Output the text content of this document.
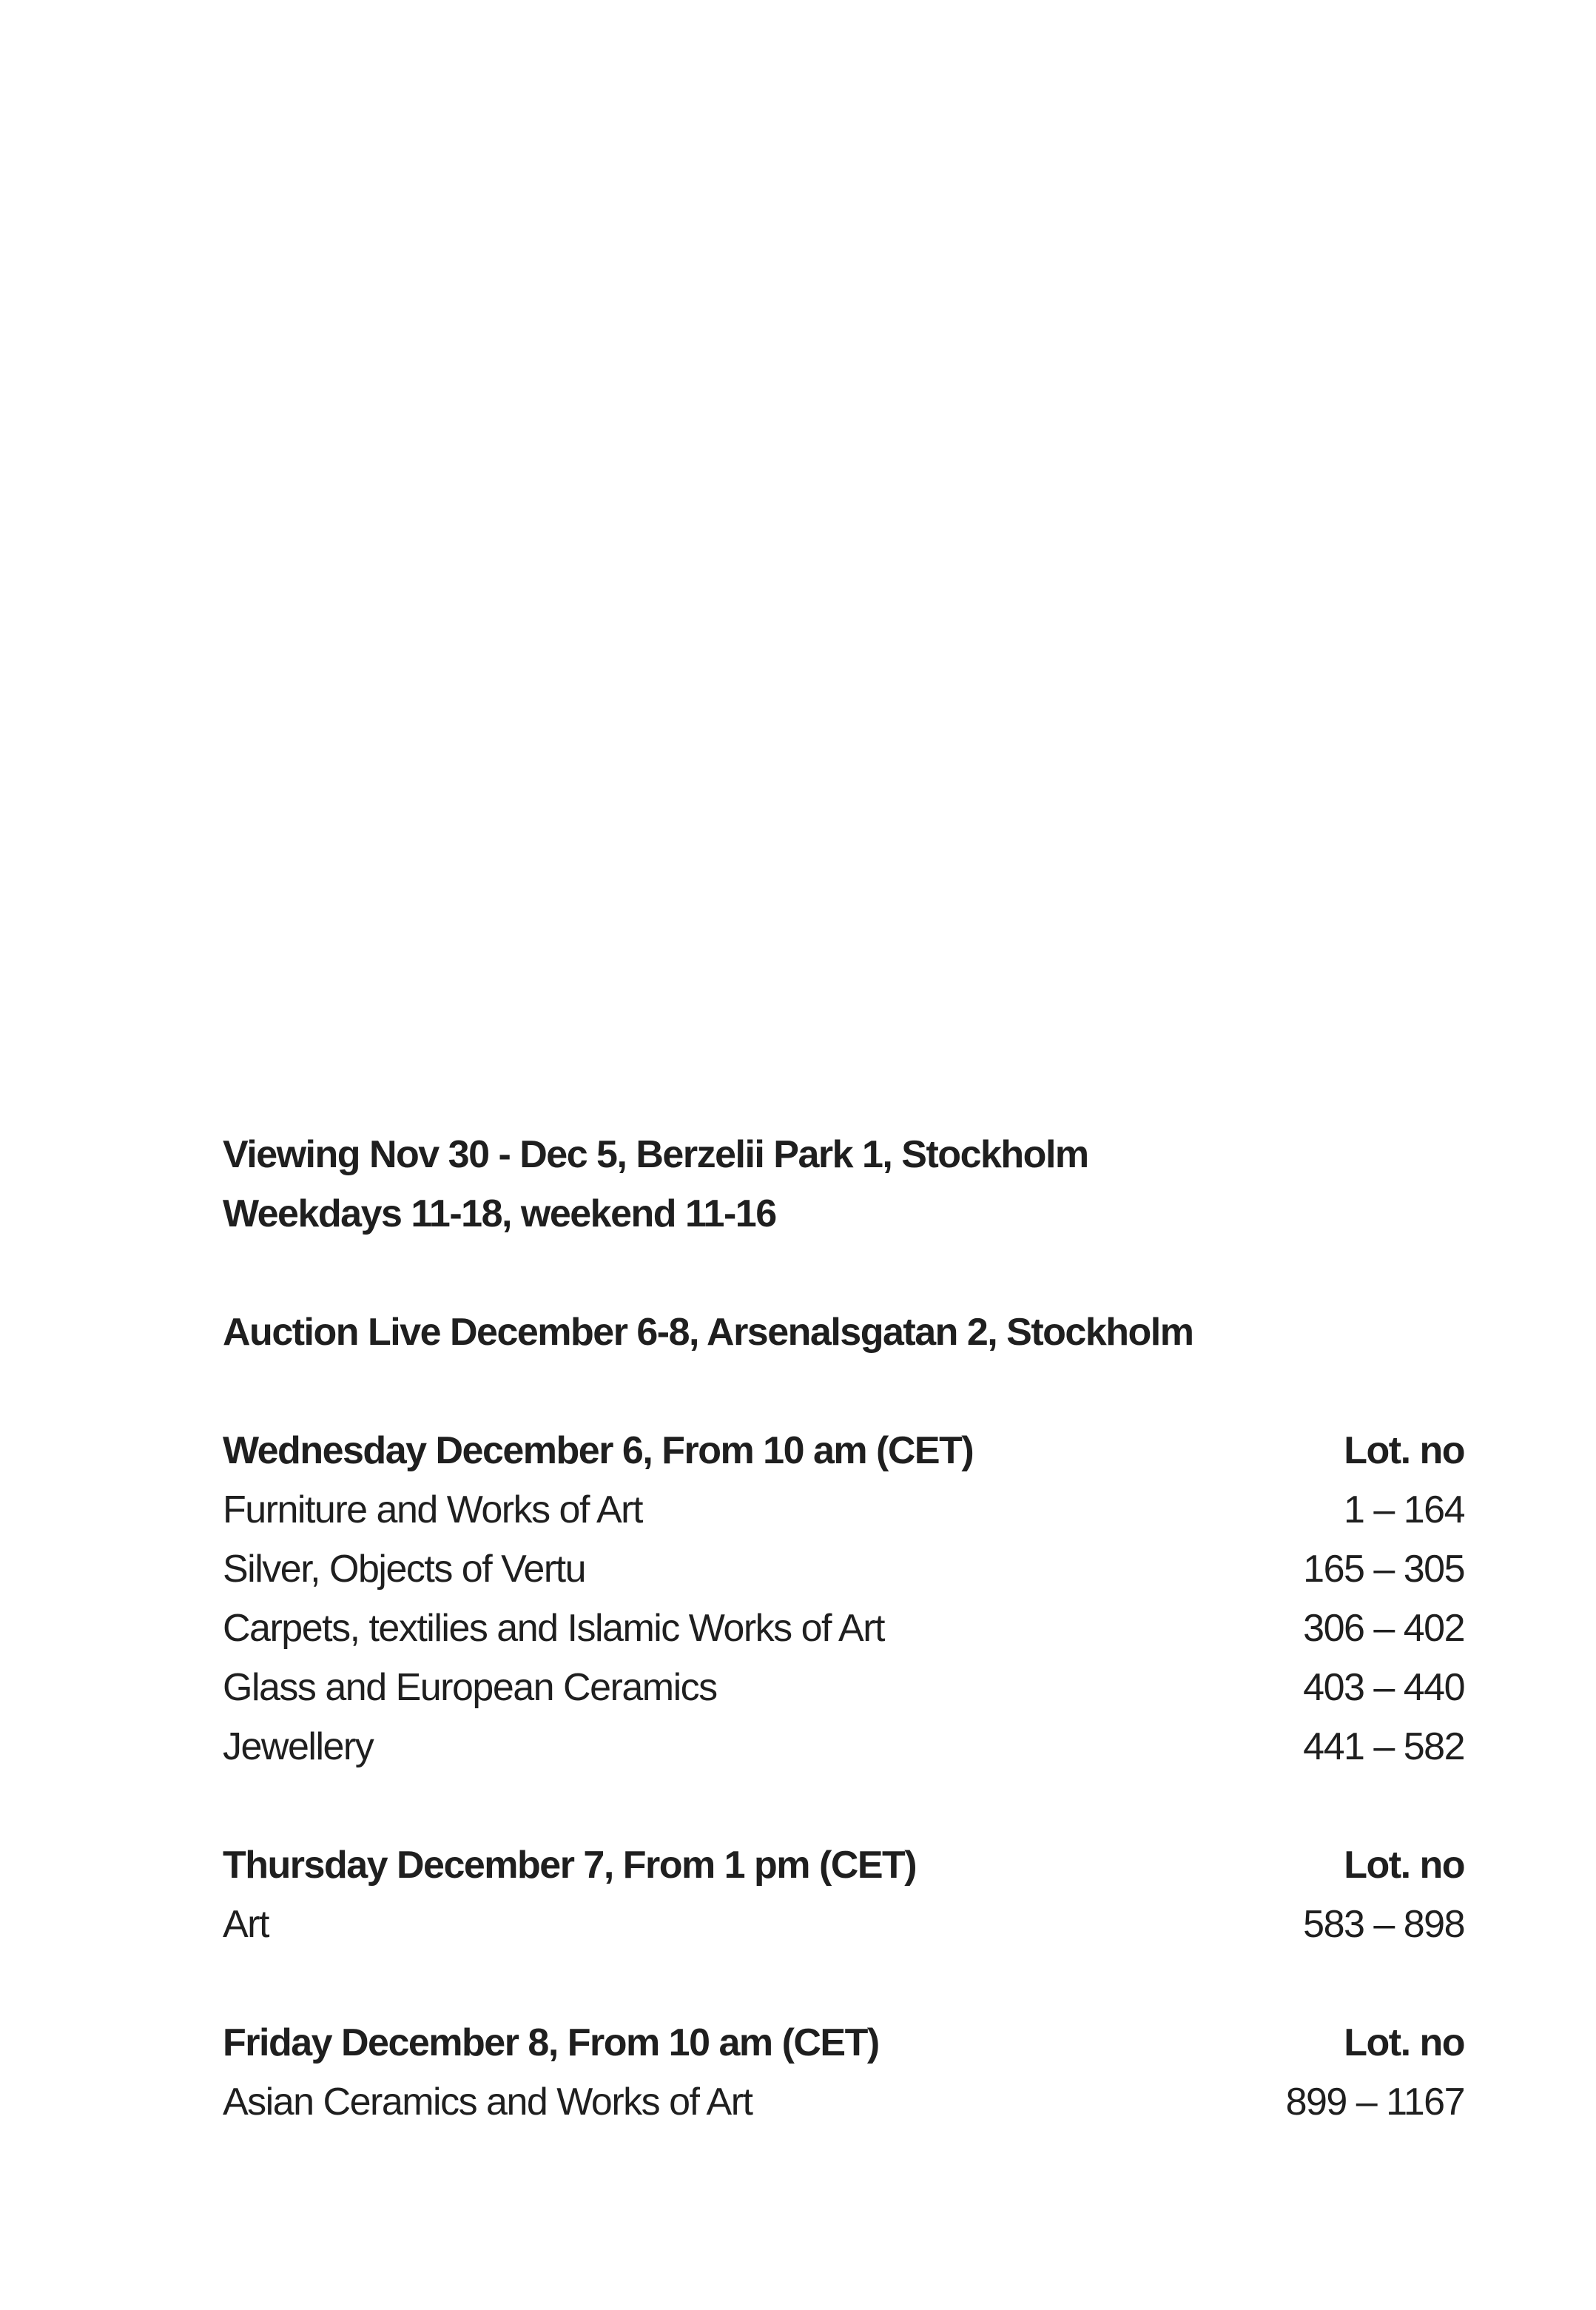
Viewing Nov 30 - Dec 5, Berzelii Park 1, Stockholm
Weekdays 11-18, weekend 11-16
Auction Live December 6-8, Arsenalsgatan 2, Stockholm
Wednesday December 6, From 10 am (CET)	Lot. no
Furniture and Works of Art	1 – 164
Silver, Objects of Vertu	165 – 305
Carpets, textilies and Islamic Works of Art	306 – 402
Glass and European Ceramics	403 – 440
Jewellery	441 – 582
Thursday December 7, From 1 pm (CET)	Lot. no
Art	583 – 898
Friday December 8, From 10 am (CET)	Lot. no
Asian Ceramics and Works of Art	899 – 1167
